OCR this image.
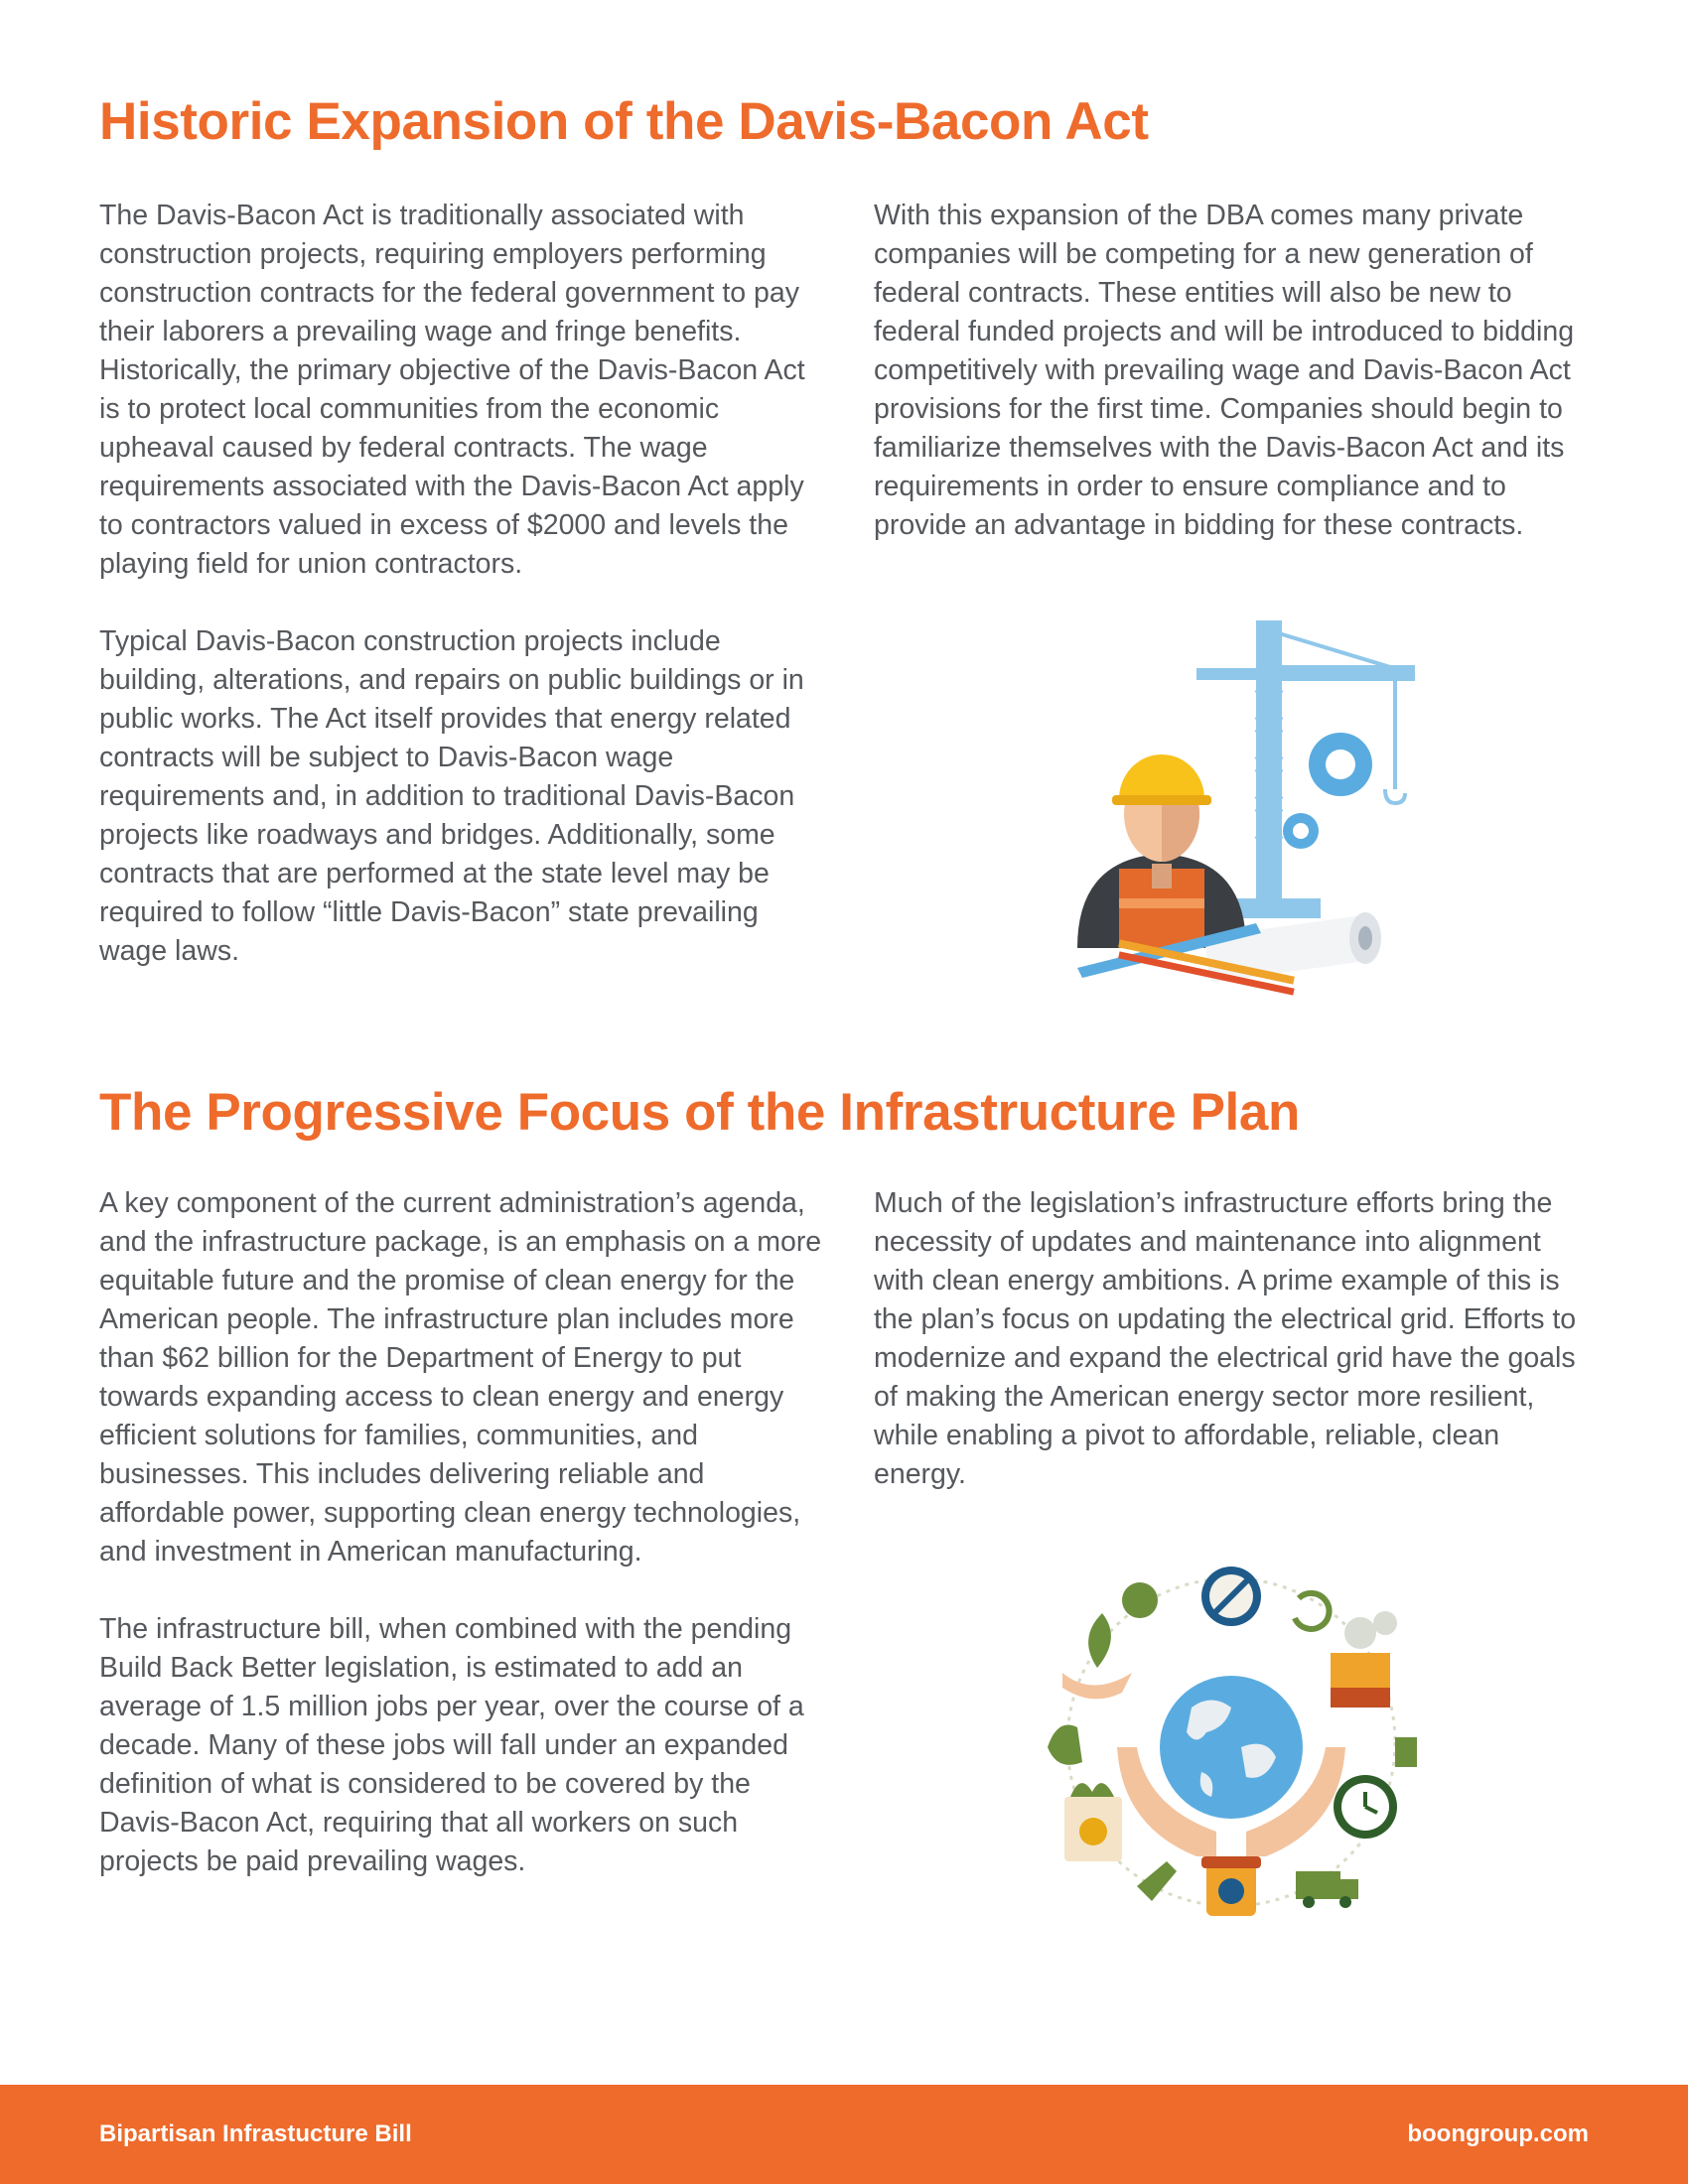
Historic Expansion of the Davis-Bacon Act

The Davis-Bacon Act is traditionally associated with construction projects, requiring employers performing construction contracts for the federal government to pay their laborers a prevailing wage and fringe benefits. Historically, the primary objective of the Davis-Bacon Act is to protect local communities from the economic upheaval caused by federal contracts. The wage requirements associated with the Davis-Bacon Act apply to contractors valued in excess of $2000 and levels the playing field for union contractors.

Typical Davis-Bacon construction projects include building, alterations, and repairs on public buildings or in public works. The Act itself provides that energy related contracts will be subject to Davis-Bacon wage requirements and, in addition to traditional Davis-Bacon projects like roadways and bridges. Additionally, some contracts that are performed at the state level may be required to follow “little Davis-Bacon” state prevailing wage laws.

With this expansion of the DBA comes many private companies will be competing for a new generation of federal contracts. These entities will also be new to federal funded projects and will be introduced to bidding competitively with prevailing wage and Davis-Bacon Act provisions for the first time. Companies should begin to familiarize themselves with the Davis-Bacon Act and its requirements in order to ensure compliance and to provide an advantage in bidding for these contracts.

The Progressive Focus of the Infrastructure Plan

A key component of the current administration’s agenda, and the infrastructure package, is an emphasis on a more equitable future and the promise of clean energy for the American people. The infrastructure plan includes more than $62 billion for the Department of Energy to put towards expanding access to clean energy and energy efficient solutions for families, communities, and businesses. This includes delivering reliable and affordable power, supporting clean energy technologies, and investment in American manufacturing.

The infrastructure bill, when combined with the pending Build Back Better legislation, is estimated to add an average of 1.5 million jobs per year, over the course of a decade. Many of these jobs will fall under an expanded definition of what is considered to be covered by the Davis-Bacon Act, requiring that all workers on such projects be paid prevailing wages.

Much of the legislation’s infrastructure efforts bring the necessity of updates and maintenance into alignment with clean energy ambitions. A prime example of this is the plan’s focus on updating the electrical grid. Efforts to modernize and expand the electrical grid have the goals of making the American energy sector more resilient, while enabling a pivot to affordable, reliable, clean energy.

Bipartisan Infrastucture Bill	boongroup.com
